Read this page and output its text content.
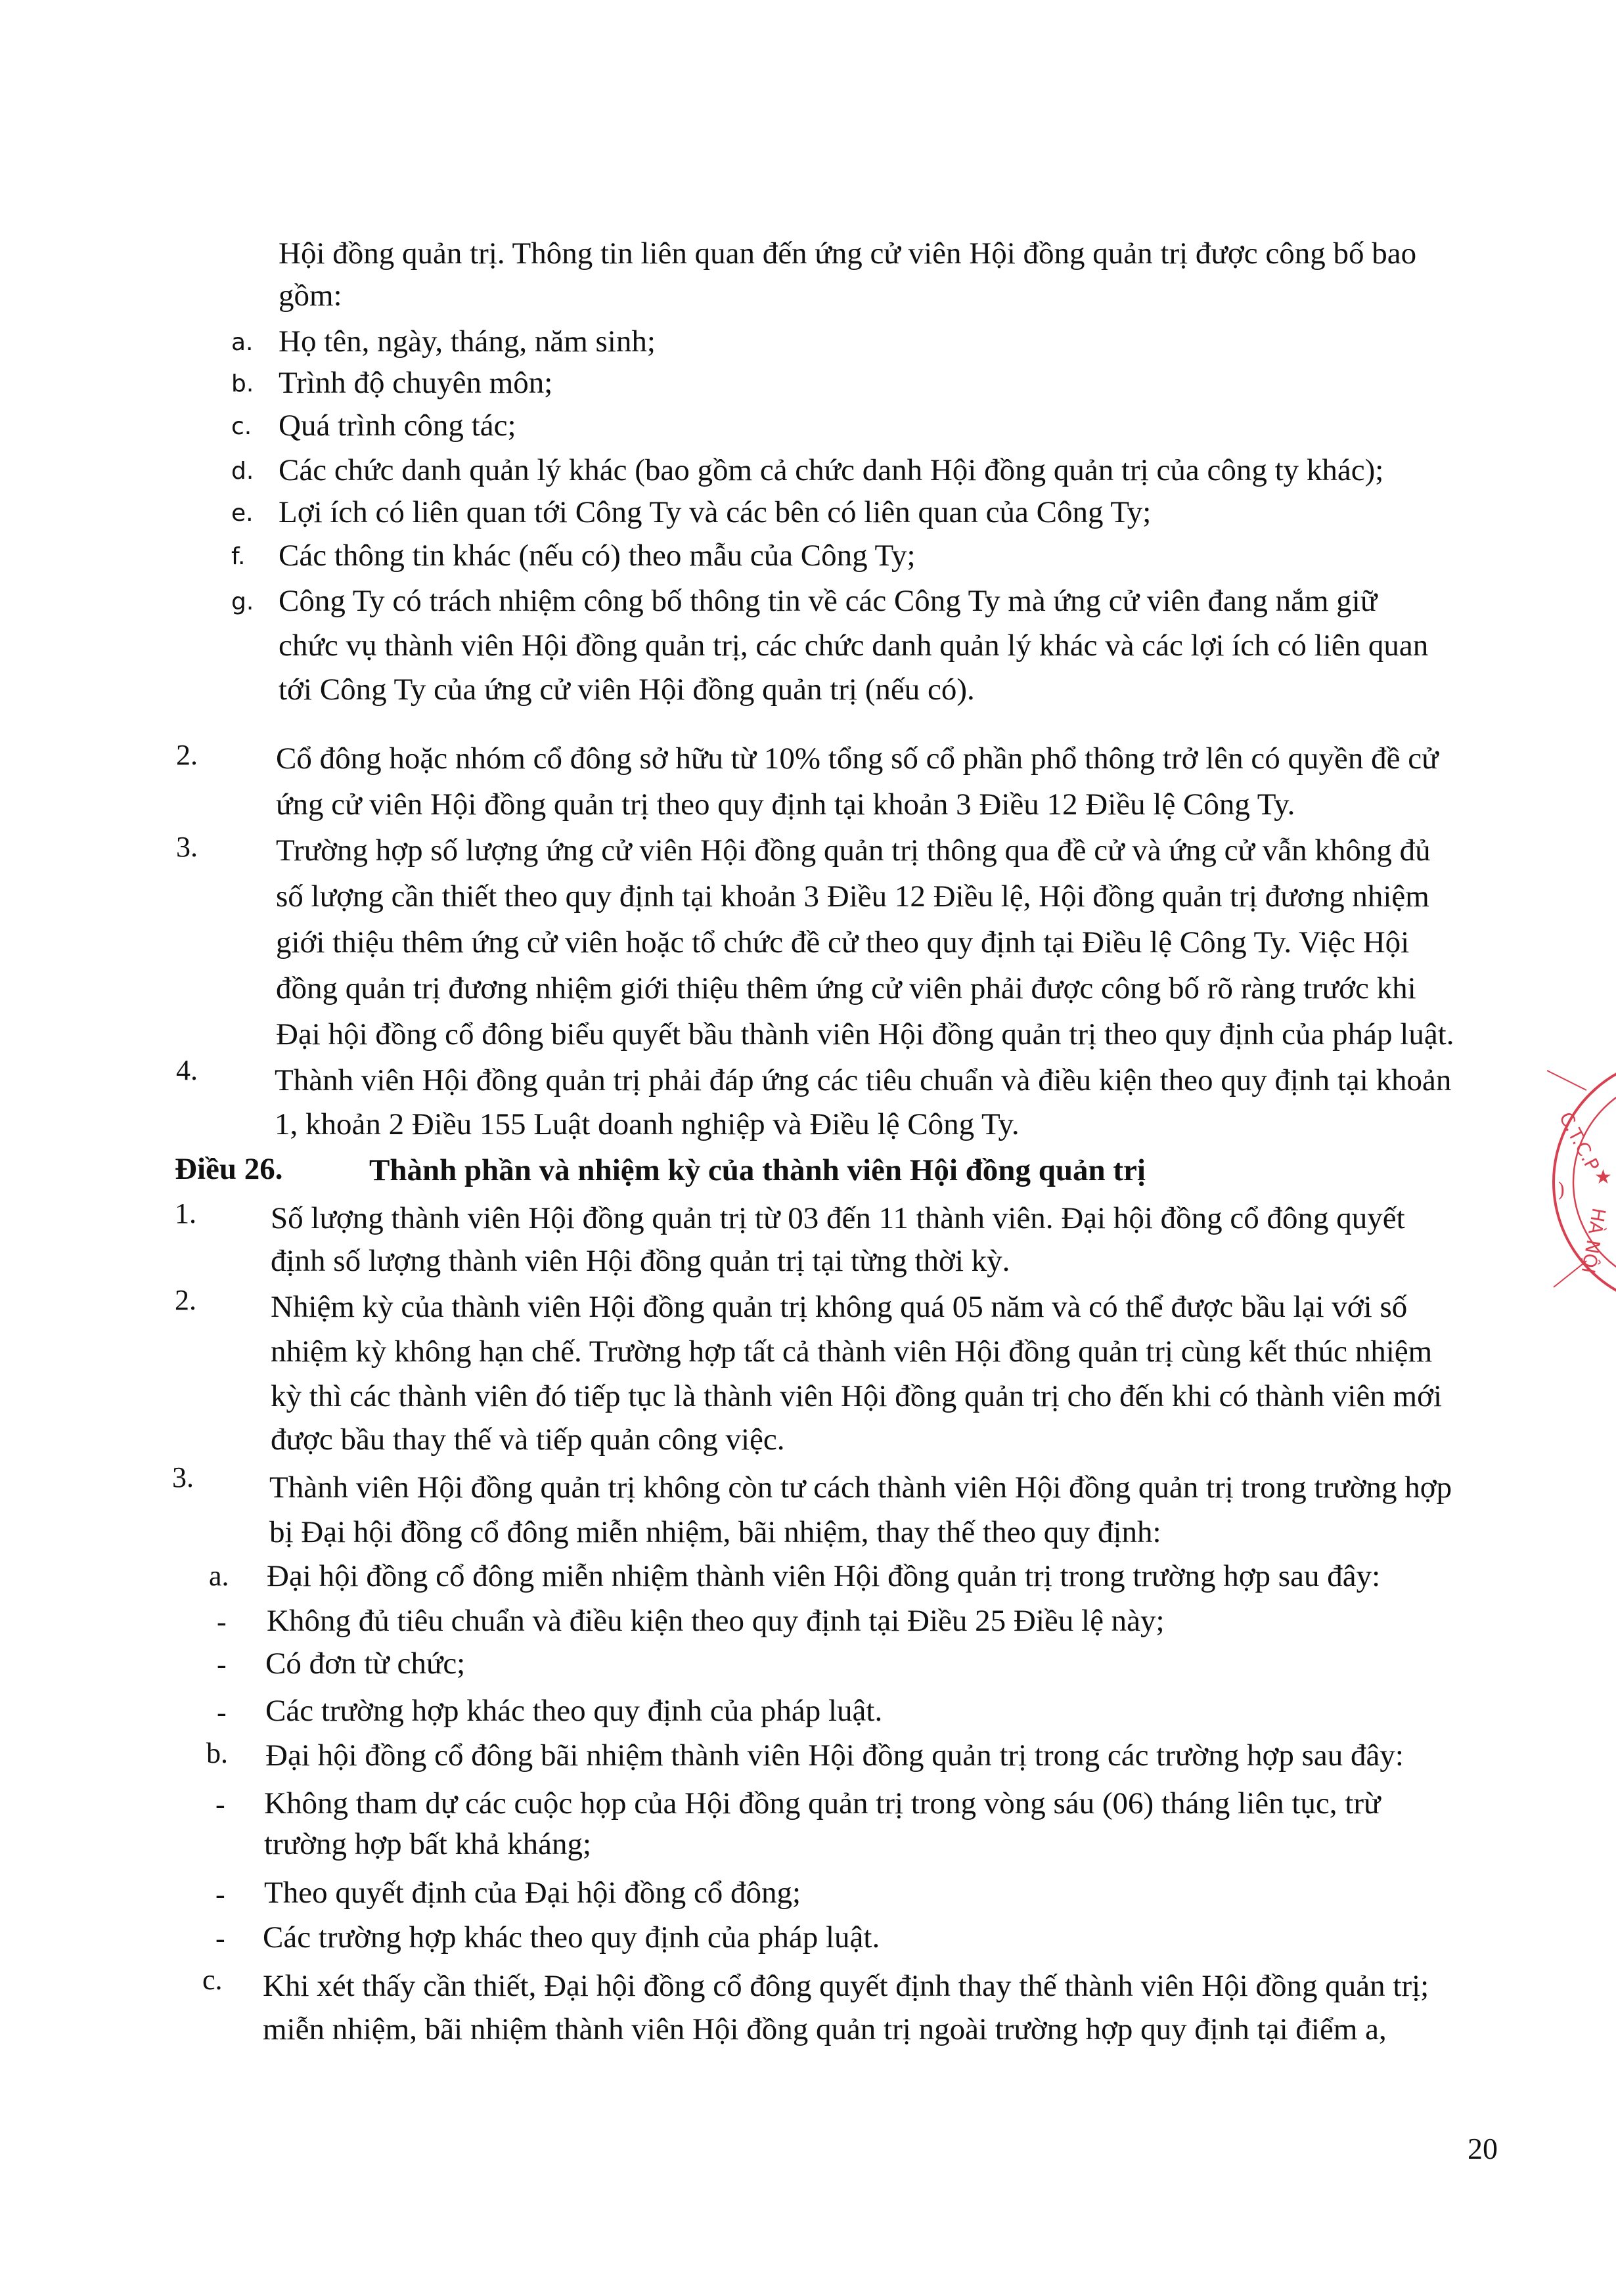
Hội đồng quản trị. Thông tin liên quan đến ứng cử viên Hội đồng quản trị được công bố bao
gồm:
a. Họ tên, ngày, tháng, năm sinh;
b. Trình độ chuyên môn;
c. Quá trình công tác;
d. Các chức danh quản lý khác (bao gồm cả chức danh Hội đồng quản trị của công ty khác);
e. Lợi ích có liên quan tới Công Ty và các bên có liên quan của Công Ty;
f. Các thông tin khác (nếu có) theo mẫu của Công Ty;
g. Công Ty có trách nhiệm công bố thông tin về các Công Ty mà ứng cử viên đang nắm giữ
chức vụ thành viên Hội đồng quản trị, các chức danh quản lý khác và các lợi ích có liên quan
tới Công Ty của ứng cử viên Hội đồng quản trị (nếu có).
2.	Cổ đông hoặc nhóm cổ đông sở hữu từ 10% tổng số cổ phần phổ thông trở lên có quyền đề cử
ứng cử viên Hội đồng quản trị theo quy định tại khoản 3 Điều 12 Điều lệ Công Ty.
3.	Trường hợp số lượng ứng cử viên Hội đồng quản trị thông qua đề cử và ứng cử vẫn không đủ
số lượng cần thiết theo quy định tại khoản 3 Điều 12 Điều lệ, Hội đồng quản trị đương nhiệm
giới thiệu thêm ứng cử viên hoặc tổ chức đề cử theo quy định tại Điều lệ Công Ty. Việc Hội
đồng quản trị đương nhiệm giới thiệu thêm ứng cử viên phải được công bố rõ ràng trước khi
Đại hội đồng cổ đông biểu quyết bầu thành viên Hội đồng quản trị theo quy định của pháp luật.
4. Thành viên Hội đồng quản trị phải đáp ứng các tiêu chuẩn và điều kiện theo quy định tại khoản
1, khoản 2 Điều 155 Luật doanh nghiệp và Điều lệ Công Ty.
Điều 26.	Thành phần và nhiệm kỳ của thành viên Hội đồng quản trị
1. Số lượng thành viên Hội đồng quản trị từ 03 đến 11 thành viên. Đại hội đồng cổ đông quyết
định số lượng thành viên Hội đồng quản trị tại từng thời kỳ.
2. Nhiệm kỳ của thành viên Hội đồng quản trị không quá 05 năm và có thể được bầu lại với số
nhiệm kỳ không hạn chế. Trường hợp tất cả thành viên Hội đồng quản trị cùng kết thúc nhiệm
kỳ thì các thành viên đó tiếp tục là thành viên Hội đồng quản trị cho đến khi có thành viên mới
được bầu thay thế và tiếp quản công việc.
3. Thành viên Hội đồng quản trị không còn tư cách thành viên Hội đồng quản trị trong trường hợp
bị Đại hội đồng cổ đông miễn nhiệm, bãi nhiệm, thay thế theo quy định:
a. Đại hội đồng cổ đông miễn nhiệm thành viên Hội đồng quản trị trong trường hợp sau đây:
- Không đủ tiêu chuẩn và điều kiện theo quy định tại Điều 25 Điều lệ này;
- Có đơn từ chức;
- Các trường hợp khác theo quy định của pháp luật.
b. Đại hội đồng cổ đông bãi nhiệm thành viên Hội đồng quản trị trong các trường hợp sau đây:
- Không tham dự các cuộc họp của Hội đồng quản trị trong vòng sáu (06) tháng liên tục, trừ
trường hợp bất khả kháng;
- Theo quyết định của Đại hội đồng cổ đông;
- Các trường hợp khác theo quy định của pháp luật.
c. Khi xét thấy cần thiết, Đại hội đồng cổ đông quyết định thay thế thành viên Hội đồng quản trị;
miễn nhiệm, bãi nhiệm thành viên Hội đồng quản trị ngoài trường hợp quy định tại điểm a,
C.T.C.P
★
HÀ NỘI
)
20
